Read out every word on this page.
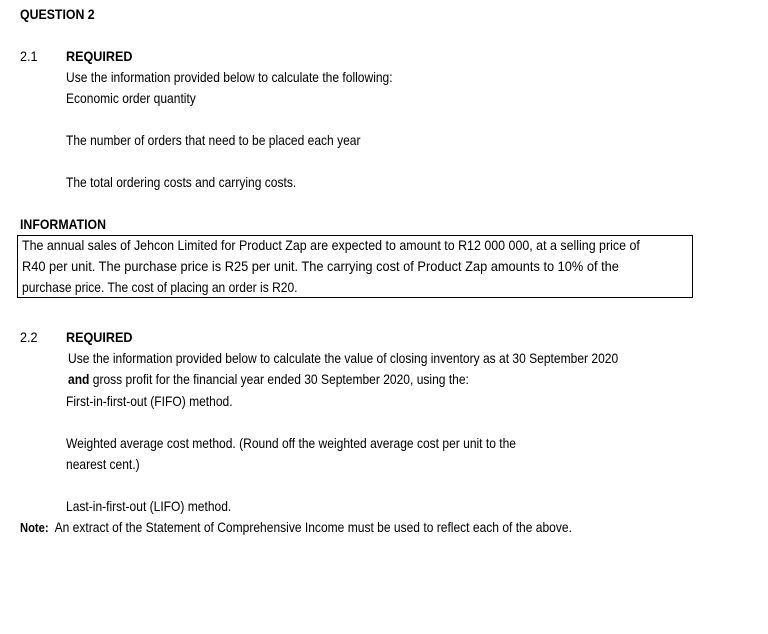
QUESTION 2
2.1 REQUIRED
Use the information provided below to calculate the following:
Economic order quantity
The number of orders that need to be placed each year
The total ordering costs and carrying costs.
INFORMATION
The annual sales of Jehcon Limited for Product Zap are expected to amount to R12 000 000, at a selling price of
R40 per unit. The purchase price is R25 per unit. The carrying cost of Product Zap amounts to 10% of the
purchase price. The cost of placing an order is R20.
2.2 REQUIRED
Use the information provided below to calculate the value of closing inventory as at 30 September 2020
and gross profit for the financial year ended 30 September 2020, using the:
First-in-first-out (FIFO) method.
Weighted average cost method. (Round off the weighted average cost per unit to the
nearest cent.)
Last-in-first-out (LIFO) method.
Note: An extract of the Statement of Comprehensive Income must be used to reflect each of the above.
